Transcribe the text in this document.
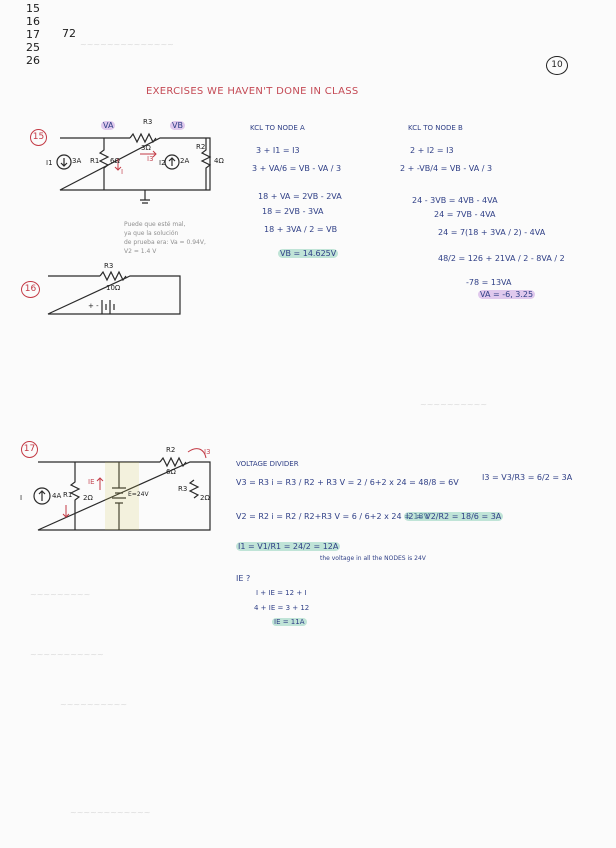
~~~~~~~~~~~~~~
~~~~~~~~~~
~~~~~~~~~
~~~~~~~~~~~
~~~~~~~~~~
~~~~~~~~~~~~
15
16
17
25
26
72
10
EXERCISES WE HAVEN'T DONE IN CLASS
15
VA	VB
R3
3Ω
I3
3A
I1	R1 6Ω
I
2A
I2
R2
4Ω
KCL TO NODE A
3 + I1 = I3
3 + VA/6 = VB - VA / 3
18 + VA = 2VB - 2VA
18 = 2VB - 3VA
18 + 3VA / 2 = VB
VB = 14.625V
KCL TO NODE B
2 + I2 = I3
2 + -VB/4 = VB - VA / 3
24 - 3VB = 4VB - 4VA
24 = 7VB - 4VA
24 = 7(18 + 3VA / 2) - 4VA
48/2 = 126 + 21VA / 2 - 8VA / 2
-78 = 13VA
VA = -6, 3.25
Puede que esté mal,
ya que la solución
de prueba era: Va = 0.94V,
V2 = 1.4 V
16
R3
10Ω
+ -
17
4A
I	R1 2Ω
IE
E=24V
R2
6Ω
R3
2Ω
I3
VOLTAGE DIVIDER
V3 = R3 i = R3 / R2 + R3 V = 2 / 6+2 x 24 = 48/8 = 6V
I3 = V3/R3 = 6/2 = 3A
V2 = R2 i = R2 / R2+R3 V = 6 / 6+2 x 24 = 18V
I2 = V2/R2 = 18/6 = 3A
I1 = V1/R1 = 24/2 = 12A
the voltage in all the NODES is 24V
IE ?
I + IE = 12 + I
4 + IE = 3 + 12
IE = 11A
